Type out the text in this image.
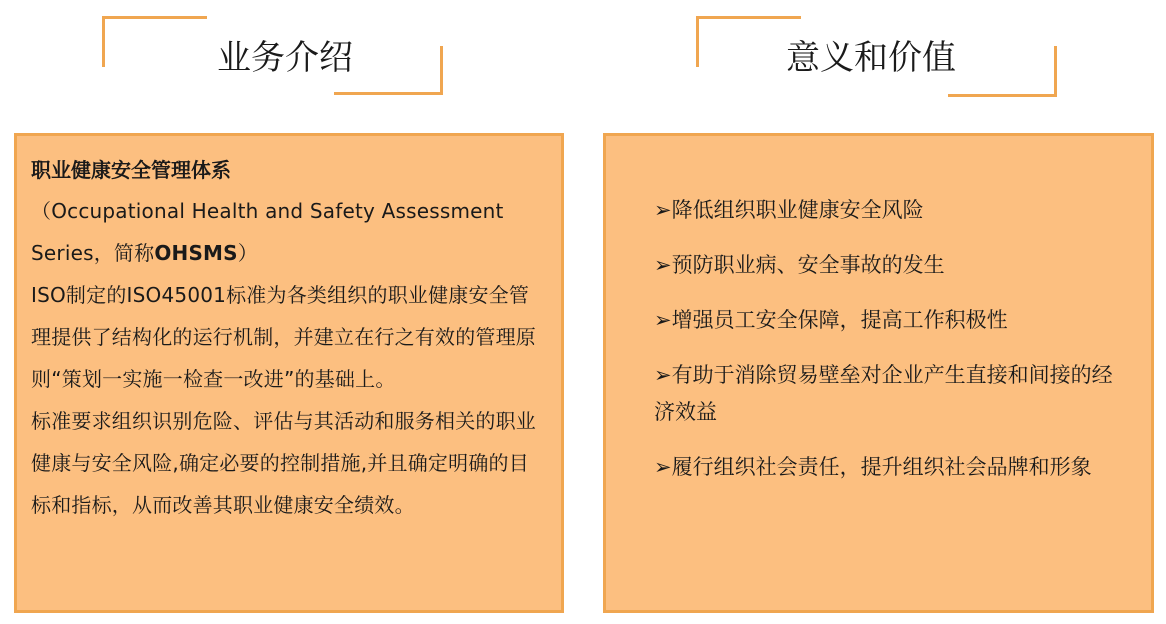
业务介绍	意义和价值

职业健康安全管理体系

（Occupational Health and Safety Assessment
Series，简称OHSMS）

ISO制定的ISO45001标准为各类组织的职业健康安全管理提供了结构化的运行机制，并建立在行之有效的管理原则“策划一实施一检查一改进”的基础上。

标准要求组织识别危险、评估与其活动和服务相关的职业健康与安全风险,确定必要的控制措施,并且确定明确的目标和指标，从而改善其职业健康安全绩效。

➢降低组织职业健康安全风险
➢预防职业病、安全事故的发生
➢增强员工安全保障，提高工作积极性
➢有助于消除贸易壁垒对企业产生直接和间接的经济效益
➢履行组织社会责任，提升组织社会品牌和形象
